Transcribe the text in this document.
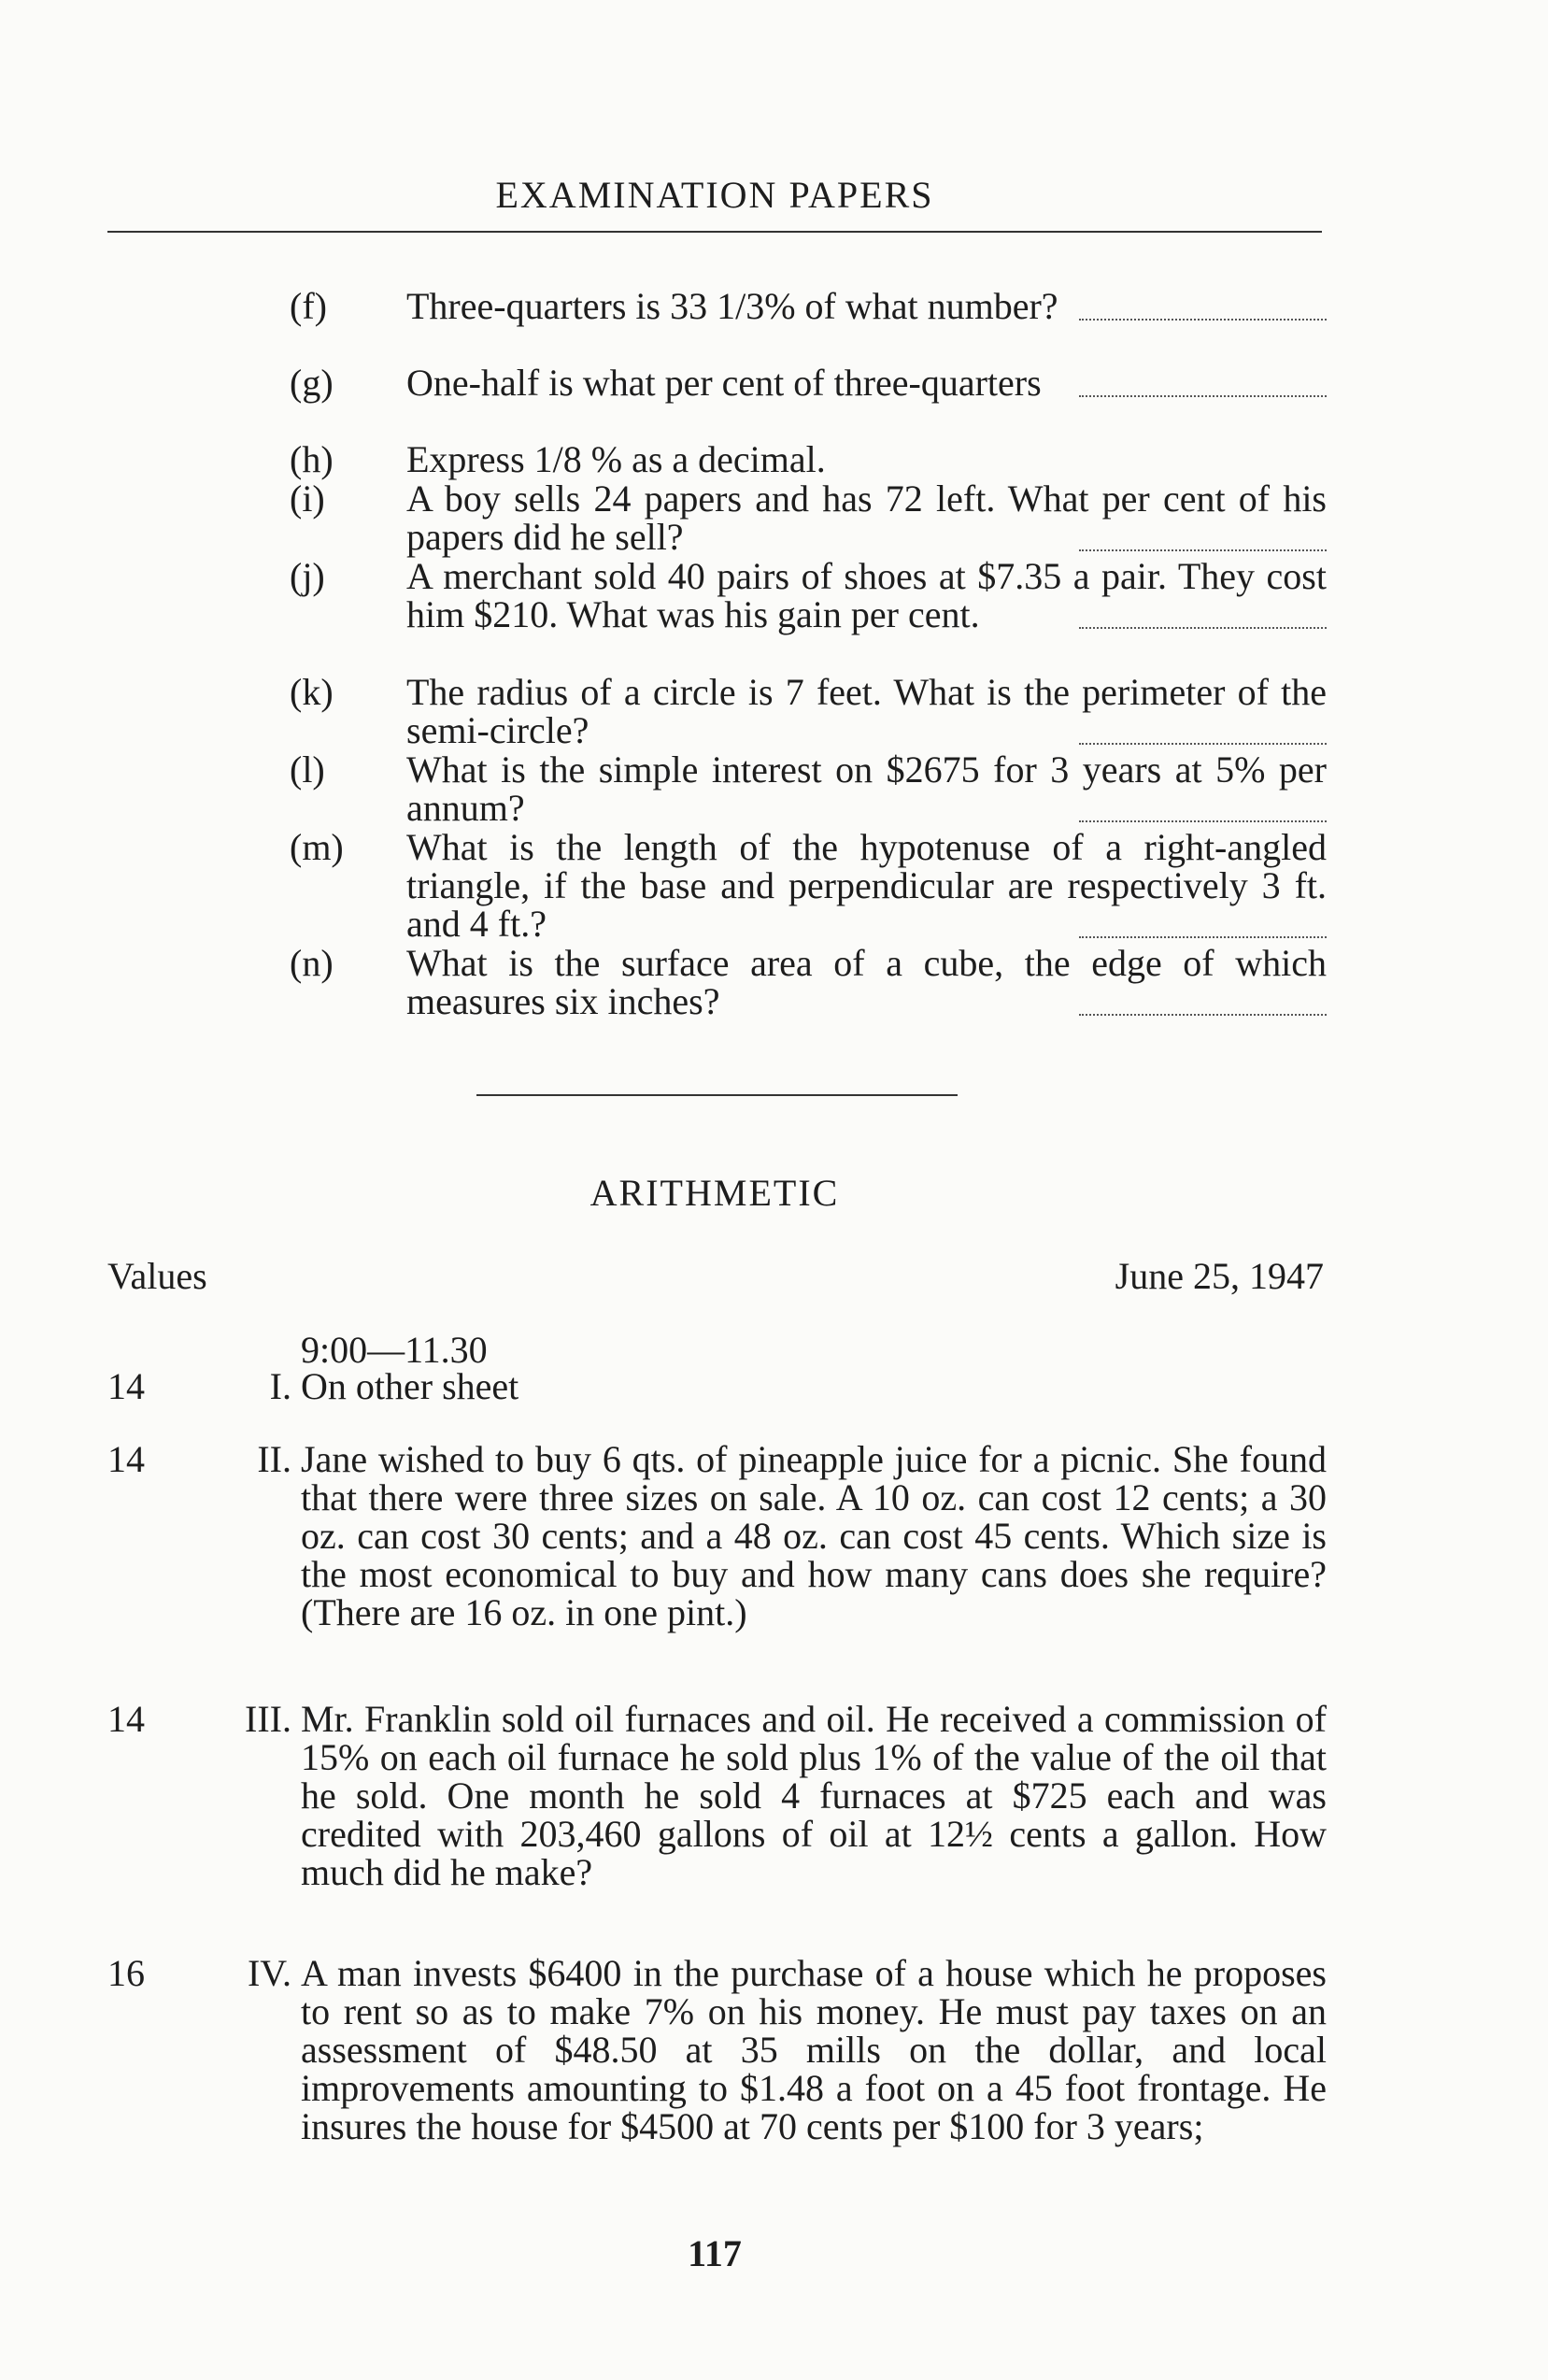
EXAMINATION PAPERS
(f)	Three-quarters is 33 1/3% of what number?
(g)	One-half is what per cent of three-quarters
(h)	Express 1/8 % as a decimal.
(i)	A boy sells 24 papers and has 72 left. What per cent of his papers did he sell?
(j)	A merchant sold 40 pairs of shoes at $7.35 a pair. They cost him $210. What was his gain per cent.
(k)	The radius of a circle is 7 feet. What is the perimeter of the semi-circle?
(l)	What is the simple interest on $2675 for 3 years at 5% per annum?
(m)	What is the length of the hypotenuse of a right-angled triangle, if the base and perpendicular are respectively 3 ft. and 4 ft.?
(n)	What is the surface area of a cube, the edge of which measures six inches?
ARITHMETIC
Values	June 25, 1947
9:00—11.30
14	I. On other sheet
14	II. Jane wished to buy 6 qts. of pineapple juice for a picnic. She found that there were three sizes on sale. A 10 oz. can cost 12 cents; a 30 oz. can cost 30 cents; and a 48 oz. can cost 45 cents. Which size is the most economical to buy and how many cans does she require? (There are 16 oz. in one pint.)
14	III. Mr. Franklin sold oil furnaces and oil. He received a commission of 15% on each oil furnace he sold plus 1% of the value of the oil that he sold. One month he sold 4 furnaces at $725 each and was credited with 203,460 gallons of oil at 12½ cents a gallon. How much did he make?
16	IV. A man invests $6400 in the purchase of a house which he proposes to rent so as to make 7% on his money. He must pay taxes on an assessment of $48.50 at 35 mills on the dollar, and local improvements amounting to $1.48 a foot on a 45 foot frontage. He insures the house for $4500 at 70 cents per $100 for 3 years;
117
